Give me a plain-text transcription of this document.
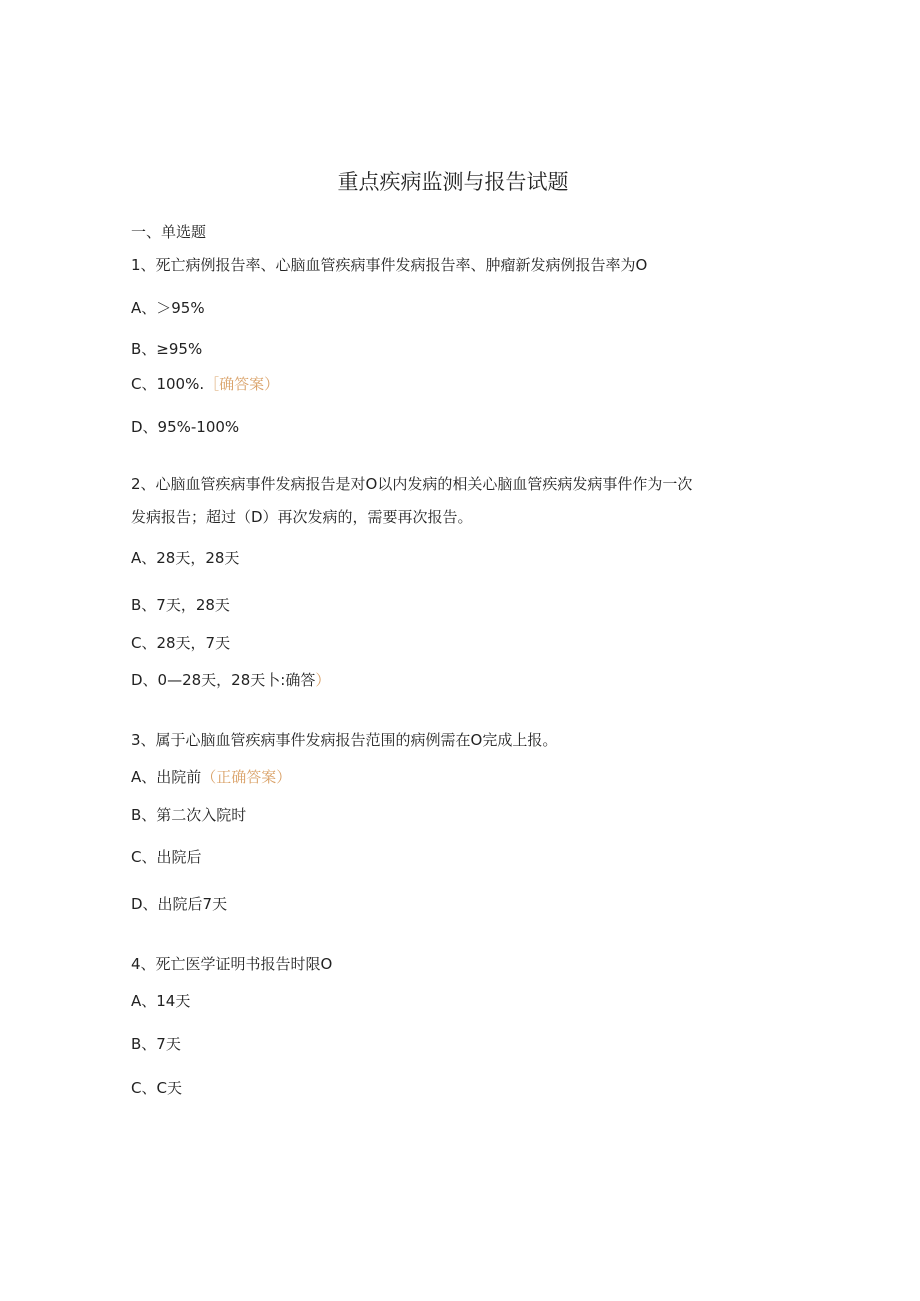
重点疾病监测与报告试题
一、单选题
1、死亡病例报告率、心脑血管疾病事件发病报告率、肿瘤新发病例报告率为O
A、＞95%
B、≥95%
C、100%.［确答案）
D、95%-100%
2、心脑血管疾病事件发病报告是对O以内发病的相关心脑血管疾病发病事件作为一次
发病报告；超过（D）再次发病的，需要再次报告。
A、28天，28天
B、7天，28天
C、28天，7天
D、0—28天，28天卜:确答）
3、属于心脑血管疾病事件发病报告范围的病例需在O完成上报。
A、出院前（正确答案）
B、第二次入院时
C、出院后
D、出院后7天
4、死亡医学证明书报告时限O
A、14天
B、7天
C、C天
